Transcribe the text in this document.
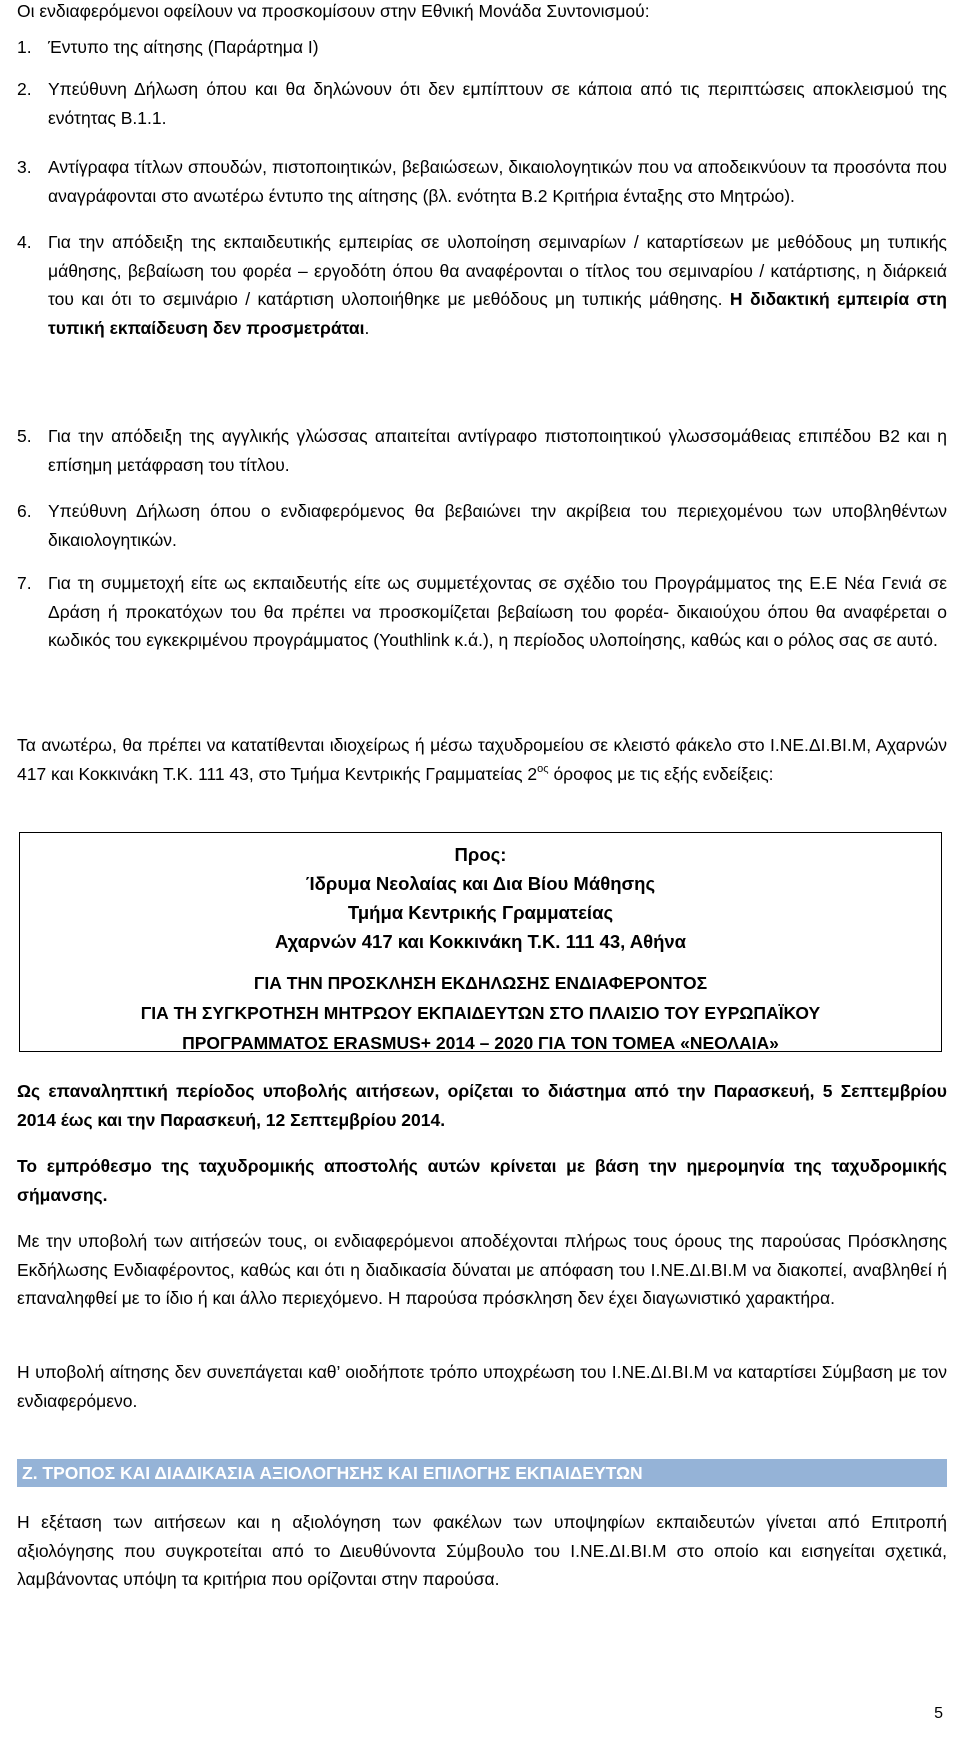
Οι ενδιαφερόμενοι οφείλουν να προσκομίσουν στην Εθνική Μονάδα Συντονισμού:

1. Έντυπο της αίτησης (Παράρτημα Ι)

2. Υπεύθυνη Δήλωση όπου και θα δηλώνουν ότι δεν εμπίπτουν σε κάποια από τις περιπτώσεις αποκλεισμού της ενότητας Β.1.1.

3. Αντίγραφα τίτλων σπουδών, πιστοποιητικών, βεβαιώσεων, δικαιολογητικών που να αποδεικνύουν τα προσόντα που αναγράφονται στο ανωτέρω έντυπο της αίτησης (βλ. ενότητα Β.2 Κριτήρια ένταξης στο Μητρώο).

4. Για την απόδειξη της εκπαιδευτικής εμπειρίας σε υλοποίηση σεμιναρίων / καταρτίσεων με μεθόδους μη τυπικής μάθησης, βεβαίωση του φορέα – εργοδότη όπου θα αναφέρονται ο τίτλος του σεμιναρίου / κατάρτισης, η διάρκειά του και ότι το σεμινάριο / κατάρτιση υλοποιήθηκε με μεθόδους μη τυπικής μάθησης. Η διδακτική εμπειρία στη τυπική εκπαίδευση δεν προσμετράται.

5. Για την απόδειξη της αγγλικής γλώσσας απαιτείται αντίγραφο πιστοποιητικού γλωσσομάθειας επιπέδου Β2 και η επίσημη μετάφραση του τίτλου.

6. Υπεύθυνη Δήλωση όπου ο ενδιαφερόμενος θα βεβαιώνει την ακρίβεια του περιεχομένου των υποβληθέντων δικαιολογητικών.

7. Για τη συμμετοχή είτε ως εκπαιδευτής είτε ως συμμετέχοντας σε σχέδιο του Προγράμματος της Ε.Ε Νέα Γενιά σε Δράση ή προκατόχων του θα πρέπει να προσκομίζεται βεβαίωση του φορέα- δικαιούχου όπου θα αναφέρεται ο κωδικός του εγκεκριμένου προγράμματος (Youthlink κ.ά.), η περίοδος υλοποίησης, καθώς και ο ρόλος σας σε αυτό.

Τα ανωτέρω, θα πρέπει να κατατίθενται ιδιοχείρως ή μέσω ταχυδρομείου σε κλειστό φάκελο στο Ι.ΝΕ.ΔΙ.ΒΙ.Μ, Αχαρνών 417 και Κοκκινάκη Τ.Κ. 111 43, στο Τμήμα Κεντρικής Γραμματείας $2^{o\varsigma}$ όροφος με τις εξής ενδείξεις:

Προς:
Ίδρυμα Νεολαίας και Δια Βίου Μάθησης
Τμήμα Κεντρικής Γραμματείας
Αχαρνών 417 και Κοκκινάκη Τ.Κ. 111 43, Αθήνα
ΓΙΑ ΤΗΝ ΠΡΟΣΚΛΗΣΗ ΕΚΔΗΛΩΣΗΣ ΕΝΔΙΑΦΕΡΟΝΤΟΣ
ΓΙΑ ΤΗ ΣΥΓΚΡΟΤΗΣΗ ΜΗΤΡΩΟΥ ΕΚΠΑΙΔΕΥΤΩΝ ΣΤΟ ΠΛΑΙΣΙΟ ΤΟΥ ΕΥΡΩΠΑΪΚΟΥ
ΠΡΟΓΡΑΜΜΑΤΟΣ ERASMUS+ 2014 – 2020 ΓΙΑ ΤΟΝ ΤΟΜΕΑ «ΝΕΟΛΑΙΑ»

Ως επαναληπτική περίοδος υποβολής αιτήσεων, ορίζεται το διάστημα από την Παρασκευή, 5 Σεπτεμβρίου 2014 έως και την Παρασκευή, 12 Σεπτεμβρίου 2014.

Το εμπρόθεσμο της ταχυδρομικής αποστολής αυτών κρίνεται με βάση την ημερομηνία της ταχυδρομικής σήμανσης.

Με την υποβολή των αιτήσεών τους, οι ενδιαφερόμενοι αποδέχονται πλήρως τους όρους της παρούσας Πρόσκλησης Εκδήλωσης Ενδιαφέροντος, καθώς και ότι η διαδικασία δύναται με απόφαση του Ι.ΝΕ.ΔΙ.ΒΙ.Μ να διακοπεί, αναβληθεί ή επαναληφθεί με το ίδιο ή και άλλο περιεχόμενο. Η παρούσα πρόσκληση δεν έχει διαγωνιστικό χαρακτήρα.

Η υποβολή αίτησης δεν συνεπάγεται καθ’ οιοδήποτε τρόπο υποχρέωση του Ι.ΝΕ.ΔΙ.ΒΙ.Μ να καταρτίσει Σύμβαση με τον ενδιαφερόμενο.

Ζ. ΤΡΟΠΟΣ ΚΑΙ ΔΙΑΔΙΚΑΣΙΑ ΑΞΙΟΛΟΓΗΣΗΣ ΚΑΙ ΕΠΙΛΟΓΗΣ ΕΚΠΑΙΔΕΥΤΩΝ

Η εξέταση των αιτήσεων και η αξιολόγηση των φακέλων των υποψηφίων εκπαιδευτών γίνεται από Επιτροπή αξιολόγησης που συγκροτείται από το Διευθύνοντα Σύμβουλο του Ι.ΝΕ.ΔΙ.ΒΙ.Μ στο οποίο και εισηγείται σχετικά, λαμβάνοντας υπόψη τα κριτήρια που ορίζονται στην παρούσα.

5
